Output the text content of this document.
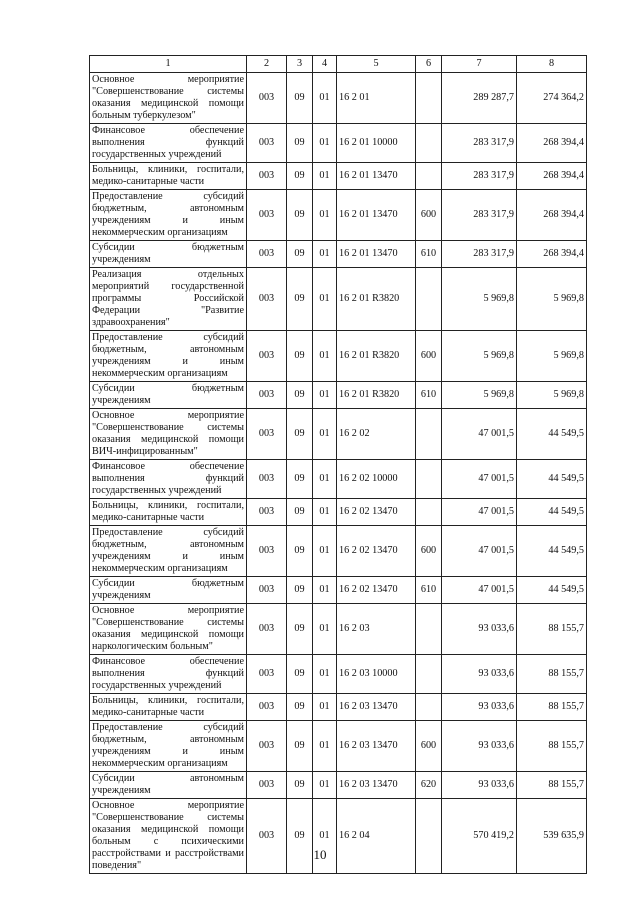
1	2	3	4	5	6	7	8
Основное мероприятие "Совершенствование системы оказания медицинской помощи больным туберкулезом"	003	09	01	16 2 01		289 287,7	274 364,2
Финансовое обеспечение выполнения функций государственных учреждений	003	09	01	16 2 01 10000		283 317,9	268 394,4
Больницы, клиники, госпитали, медико-санитарные части	003	09	01	16 2 01 13470		283 317,9	268 394,4
Предоставление субсидий бюджетным, автономным учреждениям и иным некоммерческим организациям	003	09	01	16 2 01 13470	600	283 317,9	268 394,4
Субсидии бюджетным учреждениям	003	09	01	16 2 01 13470	610	283 317,9	268 394,4
Реализация отдельных мероприятий государственной программы Российской Федерации "Развитие здравоохранения"	003	09	01	16 2 01 R3820		5 969,8	5 969,8
Предоставление субсидий бюджетным, автономным учреждениям и иным некоммерческим организациям	003	09	01	16 2 01 R3820	600	5 969,8	5 969,8
Субсидии бюджетным учреждениям	003	09	01	16 2 01 R3820	610	5 969,8	5 969,8
Основное мероприятие "Совершенствование системы оказания медицинской помощи ВИЧ-инфицированным"	003	09	01	16 2 02		47 001,5	44 549,5
Финансовое обеспечение выполнения функций государственных учреждений	003	09	01	16 2 02 10000		47 001,5	44 549,5
Больницы, клиники, госпитали, медико-санитарные части	003	09	01	16 2 02 13470		47 001,5	44 549,5
Предоставление субсидий бюджетным, автономным учреждениям и иным некоммерческим организациям	003	09	01	16 2 02 13470	600	47 001,5	44 549,5
Субсидии бюджетным учреждениям	003	09	01	16 2 02 13470	610	47 001,5	44 549,5
Основное мероприятие "Совершенствование системы оказания медицинской помощи наркологическим больным"	003	09	01	16 2 03		93 033,6	88 155,7
Финансовое обеспечение выполнения функций государственных учреждений	003	09	01	16 2 03 10000		93 033,6	88 155,7
Больницы, клиники, госпитали, медико-санитарные части	003	09	01	16 2 03 13470		93 033,6	88 155,7
Предоставление субсидий бюджетным, автономным учреждениям и иным некоммерческим организациям	003	09	01	16 2 03 13470	600	93 033,6	88 155,7
Субсидии автономным учреждениям	003	09	01	16 2 03 13470	620	93 033,6	88 155,7
Основное мероприятие "Совершенствование системы оказания медицинской помощи больным с психическими расстройствами и расстройствами поведения"	003	09	01	16 2 04		570 419,2	539 635,9
10
